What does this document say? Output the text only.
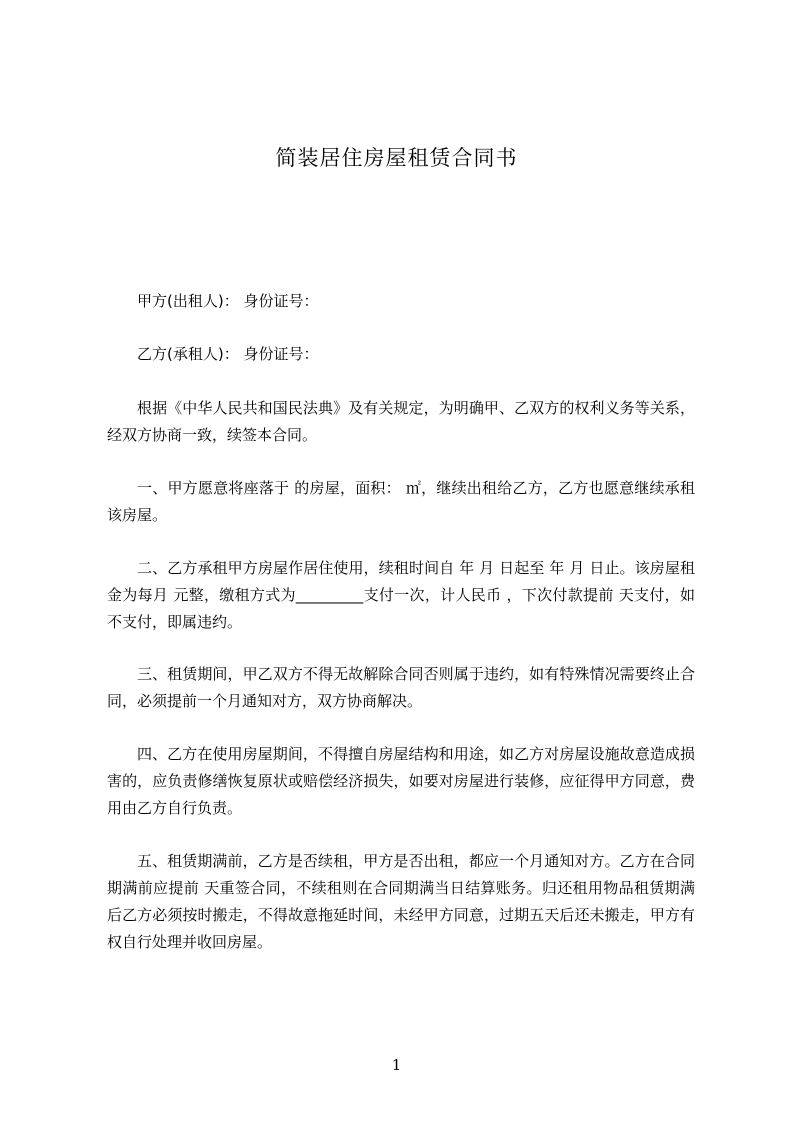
简装居住房屋租赁合同书

甲方(出租人)： 身份证号：

乙方(承租人)： 身份证号：

根据《中华人民共和国民法典》及有关规定，为明确甲、乙双方的权利义务等关系，经双方协商一致，续签本合同。

一、甲方愿意将座落于 的房屋，面积： ㎡，继续出租给乙方，乙方也愿意继续承租该房屋。

二、乙方承租甲方房屋作居住使用，续租时间自 年 月 日起至 年 月 日止。该房屋租金为每月 元整，缴租方式为_________支付一次，计人民币 ，下次付款提前 天支付，如不支付，即属违约。

三、租赁期间，甲乙双方不得无故解除合同否则属于违约，如有特殊情况需要终止合同，必须提前一个月通知对方，双方协商解决。

四、乙方在使用房屋期间，不得擅自房屋结构和用途，如乙方对房屋设施故意造成损害的，应负责修缮恢复原状或赔偿经济损失，如要对房屋进行装修，应征得甲方同意，费用由乙方自行负责。

五、租赁期满前，乙方是否续租，甲方是否出租，都应一个月通知对方。乙方在合同期满前应提前 天重签合同，不续租则在合同期满当日结算账务。归还租用物品租赁期满后乙方必须按时搬走，不得故意拖延时间，未经甲方同意，过期五天后还未搬走，甲方有权自行处理并收回房屋。

1
